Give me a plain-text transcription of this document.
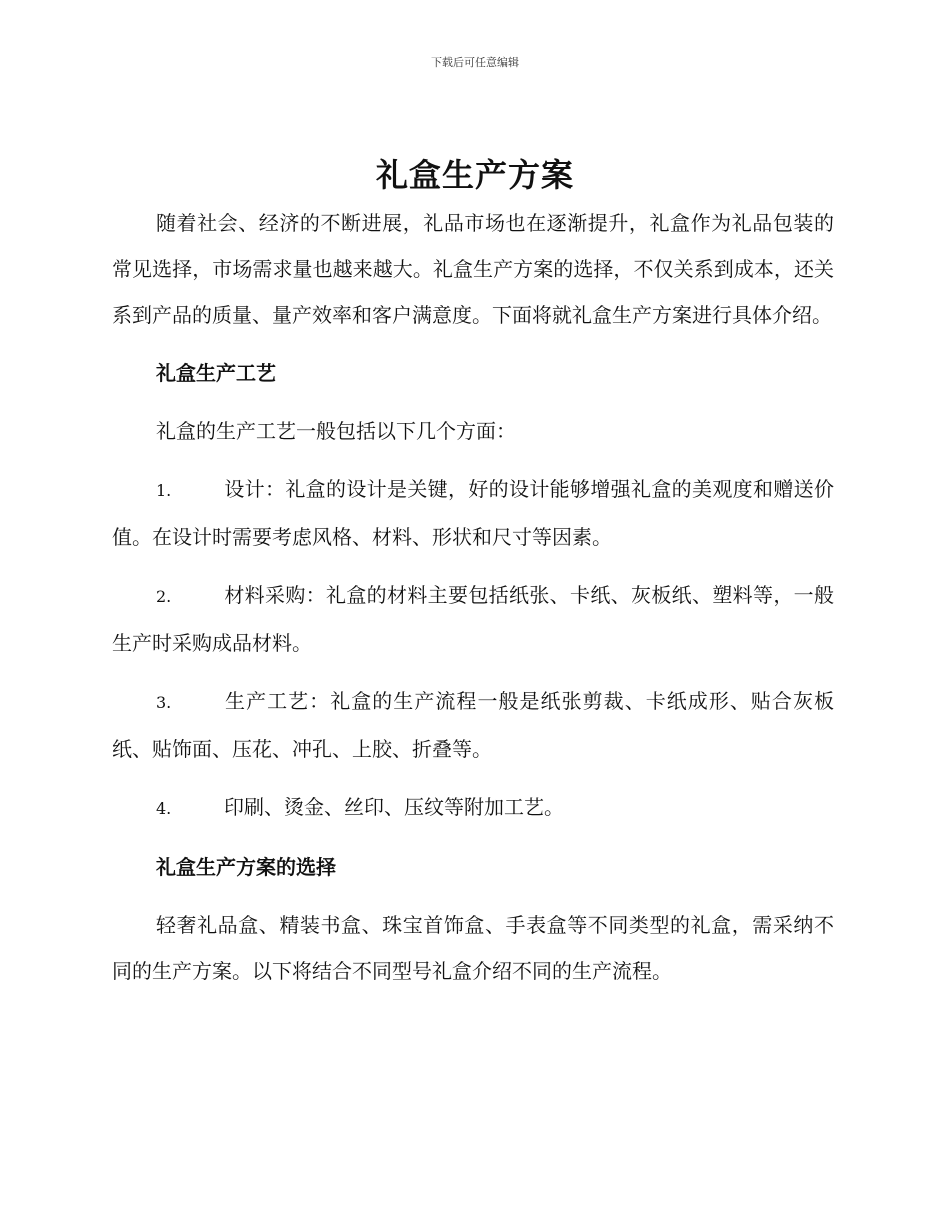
下载后可任意编辑
礼盒生产方案

随着社会、经济的不断进展，礼品市场也在逐渐提升，礼盒作为礼品包装的常见选择，市场需求量也越来越大。礼盒生产方案的选择，不仅关系到成本，还关系到产品的质量、量产效率和客户满意度。下面将就礼盒生产方案进行具体介绍。

礼盒生产工艺

礼盒的生产工艺一般包括以下几个方面：

1.	设计：礼盒的设计是关键，好的设计能够增强礼盒的美观度和赠送价值。在设计时需要考虑风格、材料、形状和尺寸等因素。

2.	材料采购：礼盒的材料主要包括纸张、卡纸、灰板纸、塑料等，一般生产时采购成品材料。

3.	生产工艺：礼盒的生产流程一般是纸张剪裁、卡纸成形、贴合灰板纸、贴饰面、压花、冲孔、上胶、折叠等。

4.	印刷、烫金、丝印、压纹等附加工艺。

礼盒生产方案的选择

轻奢礼品盒、精装书盒、珠宝首饰盒、手表盒等不同类型的礼盒，需采纳不同的生产方案。以下将结合不同型号礼盒介绍不同的生产流程。
